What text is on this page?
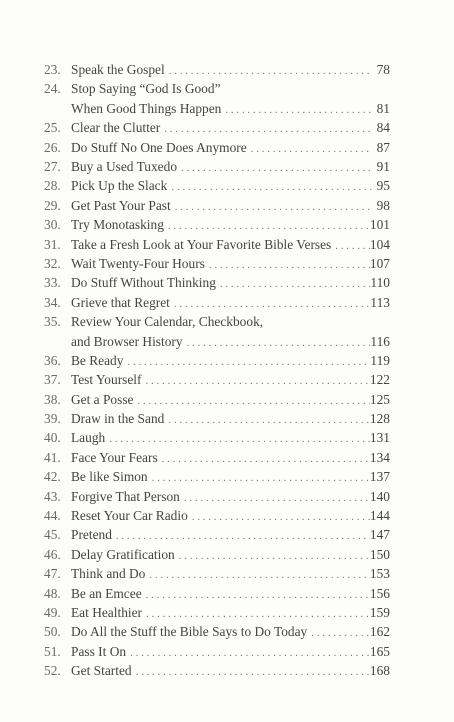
23. Speak the Gospel . . .	78
24. Stop Saying “God Is Good”
When Good Things Happen . . .	81
25. Clear the Clutter . . .	84
26. Do Stuff No One Does Anymore . . .	87
27. Buy a Used Tuxedo . . .	91
28. Pick Up the Slack . . .	95
29. Get Past Your Past . . .	98
30. Try Monotasking . . .	101
31. Take a Fresh Look at Your Favorite Bible Verses . . .	104
32. Wait Twenty-Four Hours . . .	107
33. Do Stuff Without Thinking . . .	110
34. Grieve that Regret . . .	113
35. Review Your Calendar, Checkbook,
and Browser History . . .	116
36. Be Ready . . .	119
37. Test Yourself . . .	122
38. Get a Posse . . .	125
39. Draw in the Sand . . .	128
40. Laugh . . .	131
41. Face Your Fears . . .	134
42. Be like Simon . . .	137
43. Forgive That Person . . .	140
44. Reset Your Car Radio . . .	144
45. Pretend . . .	147
46. Delay Gratification . . .	150
47. Think and Do . . .	153
48. Be an Emcee . . .	156
49. Eat Healthier . . .	159
50. Do All the Stuff the Bible Says to Do Today . . .	162
51. Pass It On . . .	165
52. Get Started . . .	168
